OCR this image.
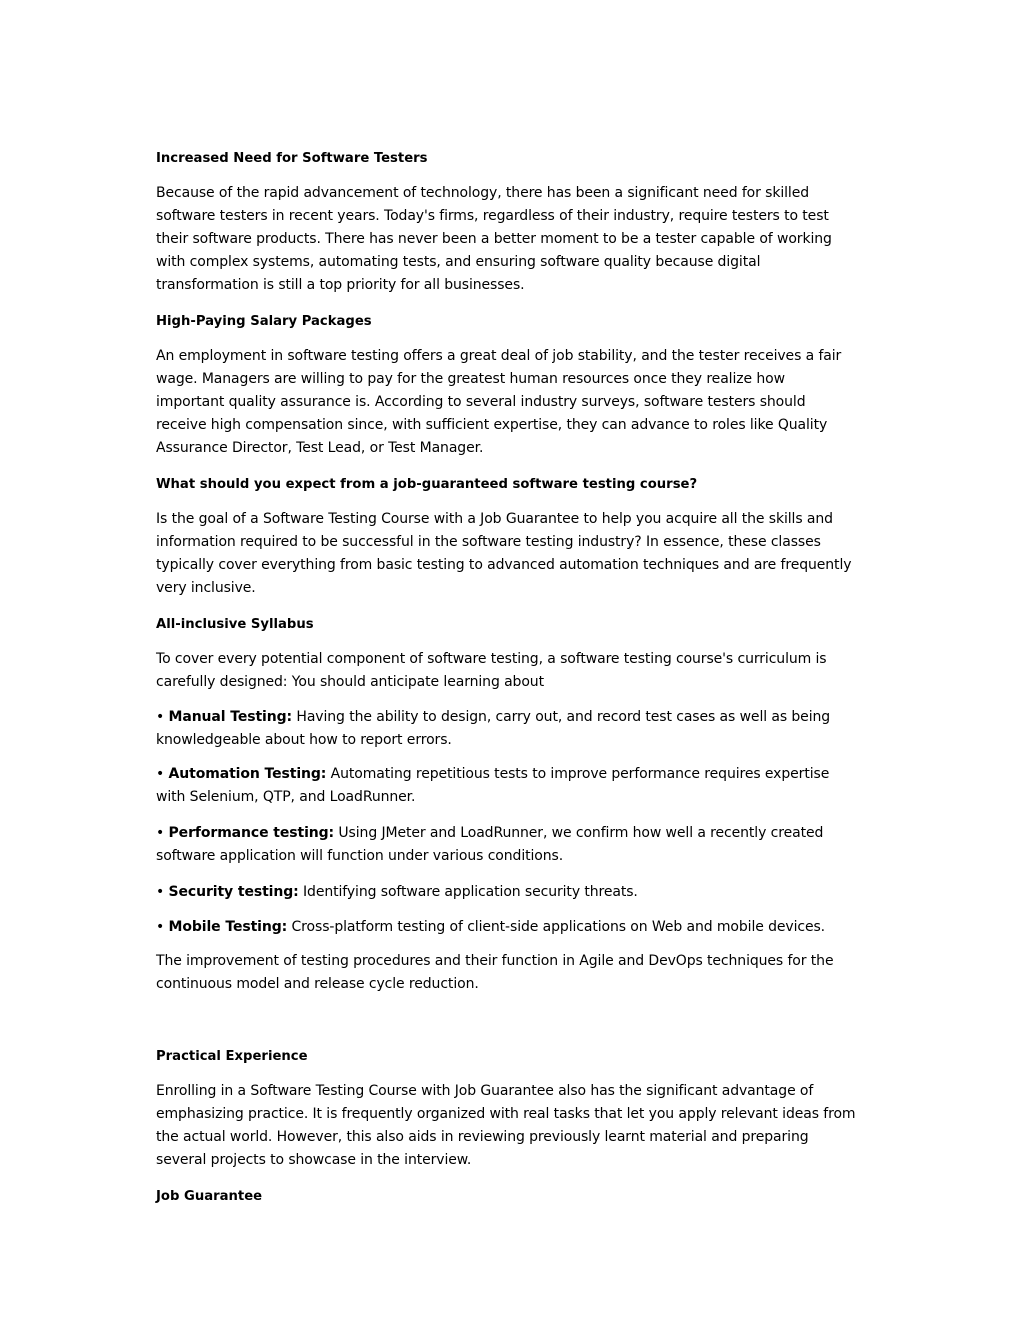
Increased Need for Software Testers

Because of the rapid advancement of technology, there has been a significant need for skilled
software testers in recent years. Today's firms, regardless of their industry, require testers to test
their software products. There has never been a better moment to be a tester capable of working
with complex systems, automating tests, and ensuring software quality because digital
transformation is still a top priority for all businesses.

High-Paying Salary Packages

An employment in software testing offers a great deal of job stability, and the tester receives a fair
wage. Managers are willing to pay for the greatest human resources once they realize how
important quality assurance is. According to several industry surveys, software testers should
receive high compensation since, with sufficient expertise, they can advance to roles like Quality
Assurance Director, Test Lead, or Test Manager.

What should you expect from a job-guaranteed software testing course?

Is the goal of a Software Testing Course with a Job Guarantee to help you acquire all the skills and
information required to be successful in the software testing industry? In essence, these classes
typically cover everything from basic testing to advanced automation techniques and are frequently
very inclusive.

All-inclusive Syllabus

To cover every potential component of software testing, a software testing course's curriculum is
carefully designed: You should anticipate learning about

• Manual Testing: Having the ability to design, carry out, and record test cases as well as being
knowledgeable about how to report errors.

• Automation Testing: Automating repetitious tests to improve performance requires expertise
with Selenium, QTP, and LoadRunner.

• Performance testing: Using JMeter and LoadRunner, we confirm how well a recently created
software application will function under various conditions.

• Security testing: Identifying software application security threats.

• Mobile Testing: Cross-platform testing of client-side applications on Web and mobile devices.

The improvement of testing procedures and their function in Agile and DevOps techniques for the
continuous model and release cycle reduction.

Practical Experience

Enrolling in a Software Testing Course with Job Guarantee also has the significant advantage of
emphasizing practice. It is frequently organized with real tasks that let you apply relevant ideas from
the actual world. However, this also aids in reviewing previously learnt material and preparing
several projects to showcase in the interview.

Job Guarantee
